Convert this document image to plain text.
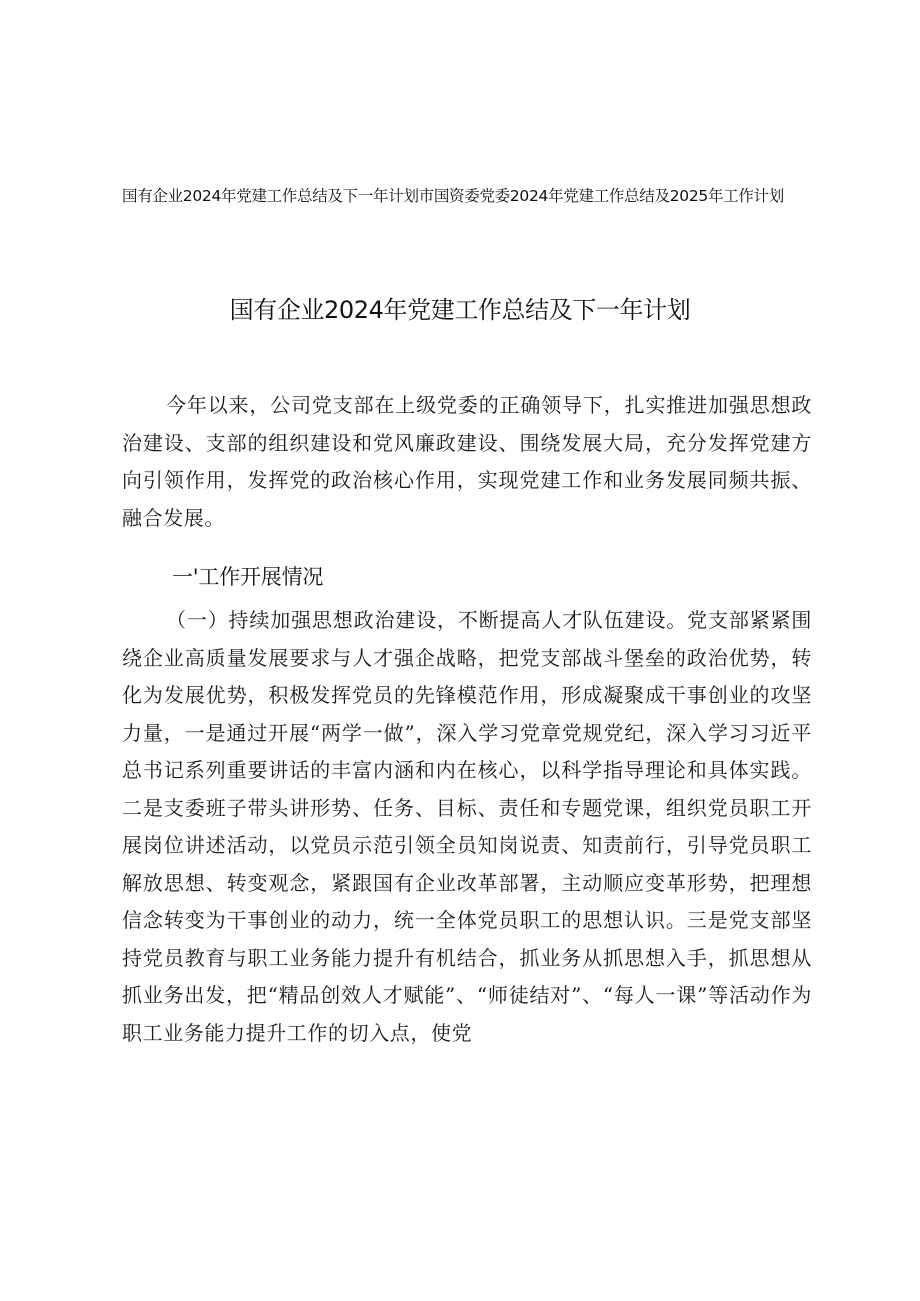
国有企业2024年党建工作总结及下一年计划市国资委党委2024年党建工作总结及2025年工作计划

国有企业2024年党建工作总结及下一年计划

今年以来，公司党支部在上级党委的正确领导下，扎实推进加强思想政治建设、支部的组织建设和党风廉政建设、围绕发展大局，充分发挥党建方向引领作用，发挥党的政治核心作用，实现党建工作和业务发展同频共振、融合发展。

一'工作开展情况

（一）持续加强思想政治建设，不断提高人才队伍建设。党支部紧紧围绕企业高质量发展要求与人才强企战略，把党支部战斗堡垒的政治优势，转化为发展优势，积极发挥党员的先锋模范作用，形成凝聚成干事创业的攻坚力量，一是通过开展“两学一做”，深入学习党章党规党纪，深入学习习近平总书记系列重要讲话的丰富内涵和内在核心，以科学指导理论和具体实践。二是支委班子带头讲形势、任务、目标、责任和专题党课，组织党员职工开展岗位讲述活动，以党员示范引领全员知岗说责、知责前行，引导党员职工解放思想、转变观念，紧跟国有企业改革部署，主动顺应变革形势，把理想信念转变为干事创业的动力，统一全体党员职工的思想认识。三是党支部坚持党员教育与职工业务能力提升有机结合，抓业务从抓思想入手，抓思想从抓业务出发，把“精品创效人才赋能”、“师徒结对”、“每人一课”等活动作为职工业务能力提升工作的切入点，使党
